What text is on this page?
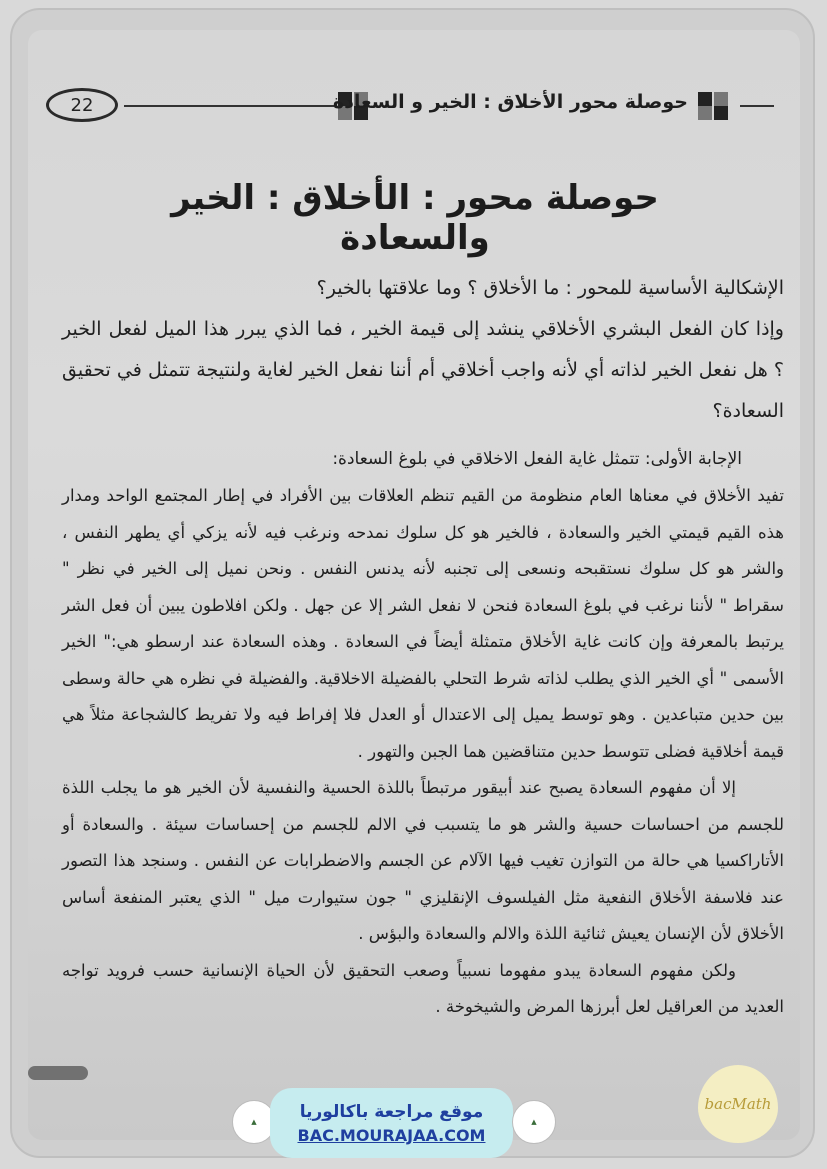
22	حوصلة محور الأخلاق : الخير و السعادة
حوصلة محور : الأخلاق : الخير والسعادة

الإشكالية الأساسية للمحور : ما الأخلاق ؟ وما علاقتها بالخير؟

وإذا كان الفعل البشري الأخلاقي ينشد إلى قيمة الخير ، فما الذي يبرر هذا الميل لفعل الخير ؟ هل نفعل الخير لذاته أي لأنه واجب أخلاقي أم أننا نفعل الخير لغاية ولنتيجة تتمثل في تحقيق السعادة؟

الإجابة الأولى: تتمثل غاية الفعل الاخلاقي في بلوغ السعادة:

تفيد الأخلاق في معناها العام منظومة من القيم تنظم العلاقات بين الأفراد في إطار المجتمع الواحد ومدار هذه القيم قيمتي الخير والسعادة ، فالخير هو كل سلوك نمدحه ونرغب فيه لأنه يزكي أي يطهر النفس ، والشر هو كل سلوك نستقبحه ونسعى إلى تجنبه لأنه يدنس النفس . ونحن نميل إلى الخير في نظر " سقراط " لأننا نرغب في بلوغ السعادة فنحن لا نفعل الشر إلا عن جهل . ولكن افلاطون يبين أن فعل الشر يرتبط بالمعرفة وإن كانت غاية الأخلاق متمثلة أيضاً في السعادة . وهذه السعادة عند ارسطو هي:" الخير الأسمى " أي الخير الذي يطلب لذاته شرط التحلي بالفضيلة الاخلاقية. والفضيلة في نظره هي حالة وسطى بين حدين متباعدين . وهو توسط يميل إلى الاعتدال أو العدل فلا إفراط فيه ولا تفريط كالشجاعة مثلاً هي قيمة أخلاقية فضلى تتوسط حدين متناقضين هما الجبن والتهور .

إلا أن مفهوم السعادة يصبح عند أبيقور مرتبطاً باللذة الحسية والنفسية لأن الخير هو ما يجلب اللذة للجسم من احساسات حسية والشر هو ما يتسبب في الالم للجسم من إحساسات سيئة . والسعادة أو الأتاراكسيا هي حالة من التوازن تغيب فيها الآلام عن الجسم والاضطرابات عن النفس . وسنجد هذا التصور عند فلاسفة الأخلاق النفعية مثل الفيلسوف الإنقليزي " جون ستيوارت ميل " الذي يعتبر المنفعة أساس الأخلاق لأن الإنسان يعيش ثنائية اللذة والالم والسعادة والبؤس .

ولكن مفهوم السعادة يبدو مفهوما نسبياً وصعب التحقيق لأن الحياة الإنسانية حسب فرويد تواجه العديد من العراقيل لعل أبرزها المرض والشيخوخة .

▲
موقع مراجعة باكالوريا
BAC.MOURAJAA.COM
▲
bacMath
